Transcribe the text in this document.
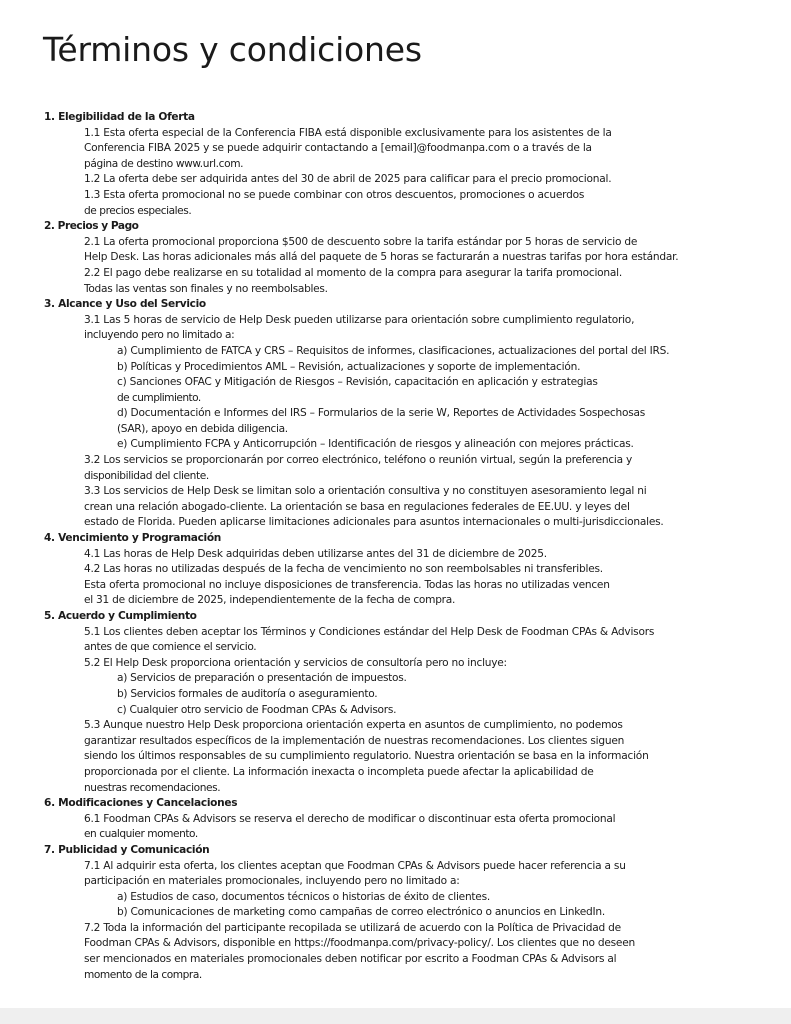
Términos y condiciones
1. Elegibilidad de la Oferta
1.1 Esta oferta especial de la Conferencia FIBA está disponible exclusivamente para los asistentes de la
Conferencia FIBA 2025 y se puede adquirir contactando a [email]@foodmanpa.com o a través de la
página de destino www.url.com.
1.2 La oferta debe ser adquirida antes del 30 de abril de 2025 para calificar para el precio promocional.
1.3 Esta oferta promocional no se puede combinar con otros descuentos, promociones o acuerdos
de precios especiales.
2. Precios y Pago
2.1 La oferta promocional proporciona $500 de descuento sobre la tarifa estándar por 5 horas de servicio de
Help Desk. Las horas adicionales más allá del paquete de 5 horas se facturarán a nuestras tarifas por hora estándar.
2.2 El pago debe realizarse en su totalidad al momento de la compra para asegurar la tarifa promocional.
Todas las ventas son finales y no reembolsables.
3. Alcance y Uso del Servicio
3.1 Las 5 horas de servicio de Help Desk pueden utilizarse para orientación sobre cumplimiento regulatorio,
incluyendo pero no limitado a:
a) Cumplimiento de FATCA y CRS – Requisitos de informes, clasificaciones, actualizaciones del portal del IRS.
b) Políticas y Procedimientos AML – Revisión, actualizaciones y soporte de implementación.
c) Sanciones OFAC y Mitigación de Riesgos – Revisión, capacitación en aplicación y estrategias
de cumplimiento.
d) Documentación e Informes del IRS – Formularios de la serie W, Reportes de Actividades Sospechosas
(SAR), apoyo en debida diligencia.
e) Cumplimiento FCPA y Anticorrupción – Identificación de riesgos y alineación con mejores prácticas.
3.2 Los servicios se proporcionarán por correo electrónico, teléfono o reunión virtual, según la preferencia y
disponibilidad del cliente.
3.3 Los servicios de Help Desk se limitan solo a orientación consultiva y no constituyen asesoramiento legal ni
crean una relación abogado-cliente. La orientación se basa en regulaciones federales de EE.UU. y leyes del
estado de Florida. Pueden aplicarse limitaciones adicionales para asuntos internacionales o multi-jurisdiccionales.
4. Vencimiento y Programación
4.1 Las horas de Help Desk adquiridas deben utilizarse antes del 31 de diciembre de 2025.
4.2 Las horas no utilizadas después de la fecha de vencimiento no son reembolsables ni transferibles.
Esta oferta promocional no incluye disposiciones de transferencia. Todas las horas no utilizadas vencen
el 31 de diciembre de 2025, independientemente de la fecha de compra.
5. Acuerdo y Cumplimiento
5.1 Los clientes deben aceptar los Términos y Condiciones estándar del Help Desk de Foodman CPAs & Advisors
antes de que comience el servicio.
5.2 El Help Desk proporciona orientación y servicios de consultoría pero no incluye:
a) Servicios de preparación o presentación de impuestos.
b) Servicios formales de auditoría o aseguramiento.
c) Cualquier otro servicio de Foodman CPAs & Advisors.
5.3 Aunque nuestro Help Desk proporciona orientación experta en asuntos de cumplimiento, no podemos
garantizar resultados específicos de la implementación de nuestras recomendaciones. Los clientes siguen
siendo los últimos responsables de su cumplimiento regulatorio. Nuestra orientación se basa en la información
proporcionada por el cliente. La información inexacta o incompleta puede afectar la aplicabilidad de
nuestras recomendaciones.
6. Modificaciones y Cancelaciones
6.1 Foodman CPAs & Advisors se reserva el derecho de modificar o discontinuar esta oferta promocional
en cualquier momento.
7. Publicidad y Comunicación
7.1 Al adquirir esta oferta, los clientes aceptan que Foodman CPAs & Advisors puede hacer referencia a su
participación en materiales promocionales, incluyendo pero no limitado a:
a) Estudios de caso, documentos técnicos o historias de éxito de clientes.
b) Comunicaciones de marketing como campañas de correo electrónico o anuncios en LinkedIn.
7.2 Toda la información del participante recopilada se utilizará de acuerdo con la Política de Privacidad de
Foodman CPAs & Advisors, disponible en https://foodmanpa.com/privacy-policy/. Los clientes que no deseen
ser mencionados en materiales promocionales deben notificar por escrito a Foodman CPAs & Advisors al
momento de la compra.
